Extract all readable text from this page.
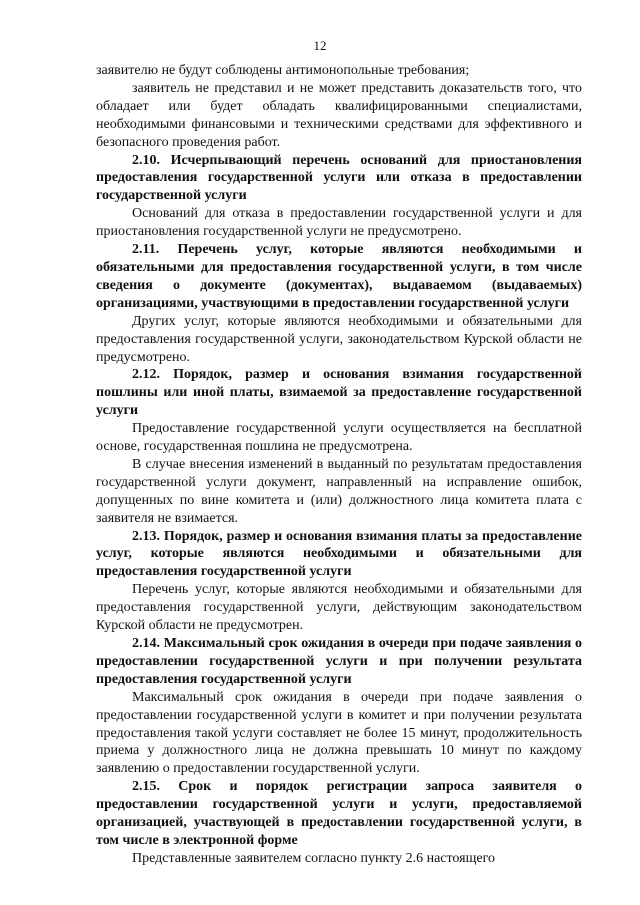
12

заявителю не будут соблюдены антимонопольные требования;

заявитель не представил и не может представить доказательств того, что обладает или будет обладать квалифицированными специалистами, необходимыми финансовыми и техническими средствами для эффективного и безопасного проведения работ.

2.10. Исчерпывающий перечень оснований для приостановления предоставления государственной услуги или отказа в предоставлении государственной услуги

Оснований для отказа в предоставлении государственной услуги и для приостановления государственной услуги не предусмотрено.

2.11. Перечень услуг, которые являются необходимыми и обязательными для предоставления государственной услуги, в том числе сведения о документе (документах), выдаваемом (выдаваемых) организациями, участвующими в предоставлении государственной услуги

Других услуг, которые являются необходимыми и обязательными для предоставления государственной услуги, законодательством Курской области не предусмотрено.

2.12. Порядок, размер и основания взимания государственной пошлины или иной платы, взимаемой за предоставление государственной услуги

Предоставление государственной услуги осуществляется на бесплатной основе, государственная пошлина не предусмотрена.

В случае внесения изменений в выданный по результатам предоставления государственной услуги документ, направленный на исправление ошибок, допущенных по вине комитета и (или) должностного лица комитета плата с заявителя не взимается.

2.13. Порядок, размер и основания взимания платы за предоставление услуг, которые являются необходимыми и обязательными для предоставления государственной услуги

Перечень услуг, которые являются необходимыми и обязательными для предоставления государственной услуги, действующим законодательством Курской области не предусмотрен.

2.14. Максимальный срок ожидания в очереди при подаче заявления о предоставлении государственной услуги и при получении результата предоставления государственной услуги

Максимальный срок ожидания в очереди при подаче заявления о предоставлении государственной услуги в комитет и при получении результата предоставления такой услуги составляет не более 15 минут, продолжительность приема у должностного лица не должна превышать 10 минут по каждому заявлению о предоставлении государственной услуги.

2.15. Срок и порядок регистрации запроса заявителя о предоставлении государственной услуги и услуги, предоставляемой организацией, участвующей в предоставлении государственной услуги, в том числе в электронной форме

Представленные заявителем согласно пункту 2.6 настоящего
